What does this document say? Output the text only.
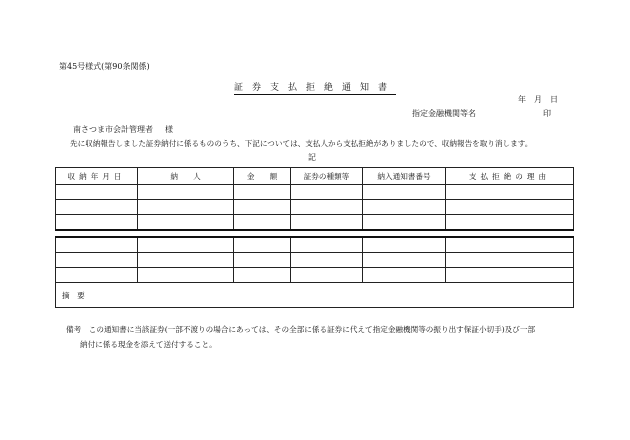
第45号様式(第90条関係)
証券支払拒絶通知書
年　月　日
指定金融機関等名	印
南さつま市会計管理者 様
先に収納報告しました証券納付に係るもののうち、下記については、支払人から支払拒絶がありましたので、収納報告を取り消します。
記
収納年月日	納　　人	金　　額	証券の種類等	納入通知書番号	支払拒絶の理由

摘　要					
備考　この通知書に当該証券(一部不渡りの場合にあっては、その全部に係る証券に代えて指定金融機関等の振り出す保証小切手)及び一部
納付に係る現金を添えて送付すること。
